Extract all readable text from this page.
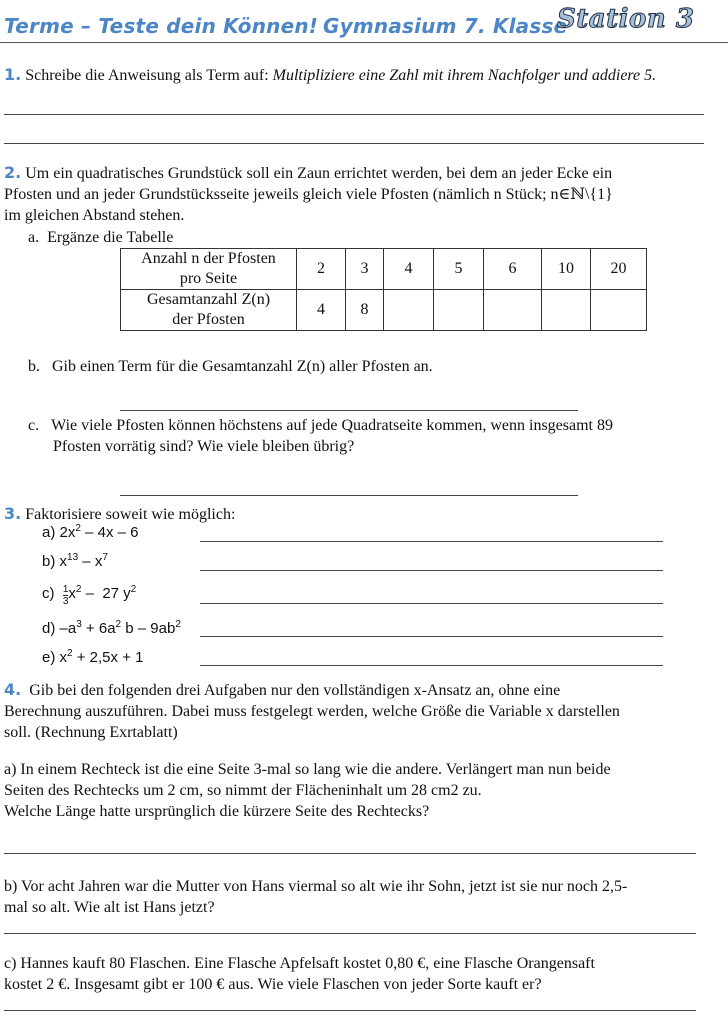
Terme – Teste dein Können! Gymnasium 7. Klasse
Station 3
1. Schreibe die Anweisung als Term auf: Multipliziere eine Zahl mit ihrem Nachfolger und addiere 5.
2. Um ein quadratisches Grundstück soll ein Zaun errichtet werden, bei dem an jeder Ecke ein
Pfosten und an jeder Grundstücksseite jeweils gleich viele Pfosten (nämlich n Stück; n∈ℕ\{1}
im gleichen Abstand stehen.
a. Ergänze die Tabelle
Anzahl n der Pfosten
pro Seite	2	3	4	5	6	10	20

Gesamtanzahl Z(n)
der Pfosten	4	8					
b. Gib einen Term für die Gesamtanzahl Z(n) aller Pfosten an.
c. Wie viele Pfosten können höchstens auf jede Quadratseite kommen, wenn insgesamt 89
Pfosten vorrätig sind? Wie viele bleiben übrig?
3. Faktorisiere soweit wie möglich:
a) $2x^2 - 4x - 6$
b) $x^{13} - x^7$
$c) \frac{1}{3} x^2 - 27$ $y^2$
d) $-a^3 + 6a^2$ b – $9ab^2$
e) $x^2 + 2,5x + 1$
4. Gib bei den folgenden drei Aufgaben nur den vollständigen x-Ansatz an, ohne eine
Berechnung auszuführen. Dabei muss festgelegt werden, welche Größe die Variable x darstellen
soll. (Rechnung Exrtablatt)
a) In einem Rechteck ist die eine Seite 3-mal so lang wie die andere. Verlängert man nun beide
Seiten des Rechtecks um 2 cm, so nimmt der Flächeninhalt um 28 cm2 zu.
Welche Länge hatte ursprünglich die kürzere Seite des Rechtecks?
b) Vor acht Jahren war die Mutter von Hans viermal so alt wie ihr Sohn, jetzt ist sie nur noch 2,5-
mal so alt. Wie alt ist Hans jetzt?
c) Hannes kauft 80 Flaschen. Eine Flasche Apfelsaft kostet 0,80 €, eine Flasche Orangensaft
kostet 2 €. Insgesamt gibt er 100 € aus. Wie viele Flaschen von jeder Sorte kauft er?
